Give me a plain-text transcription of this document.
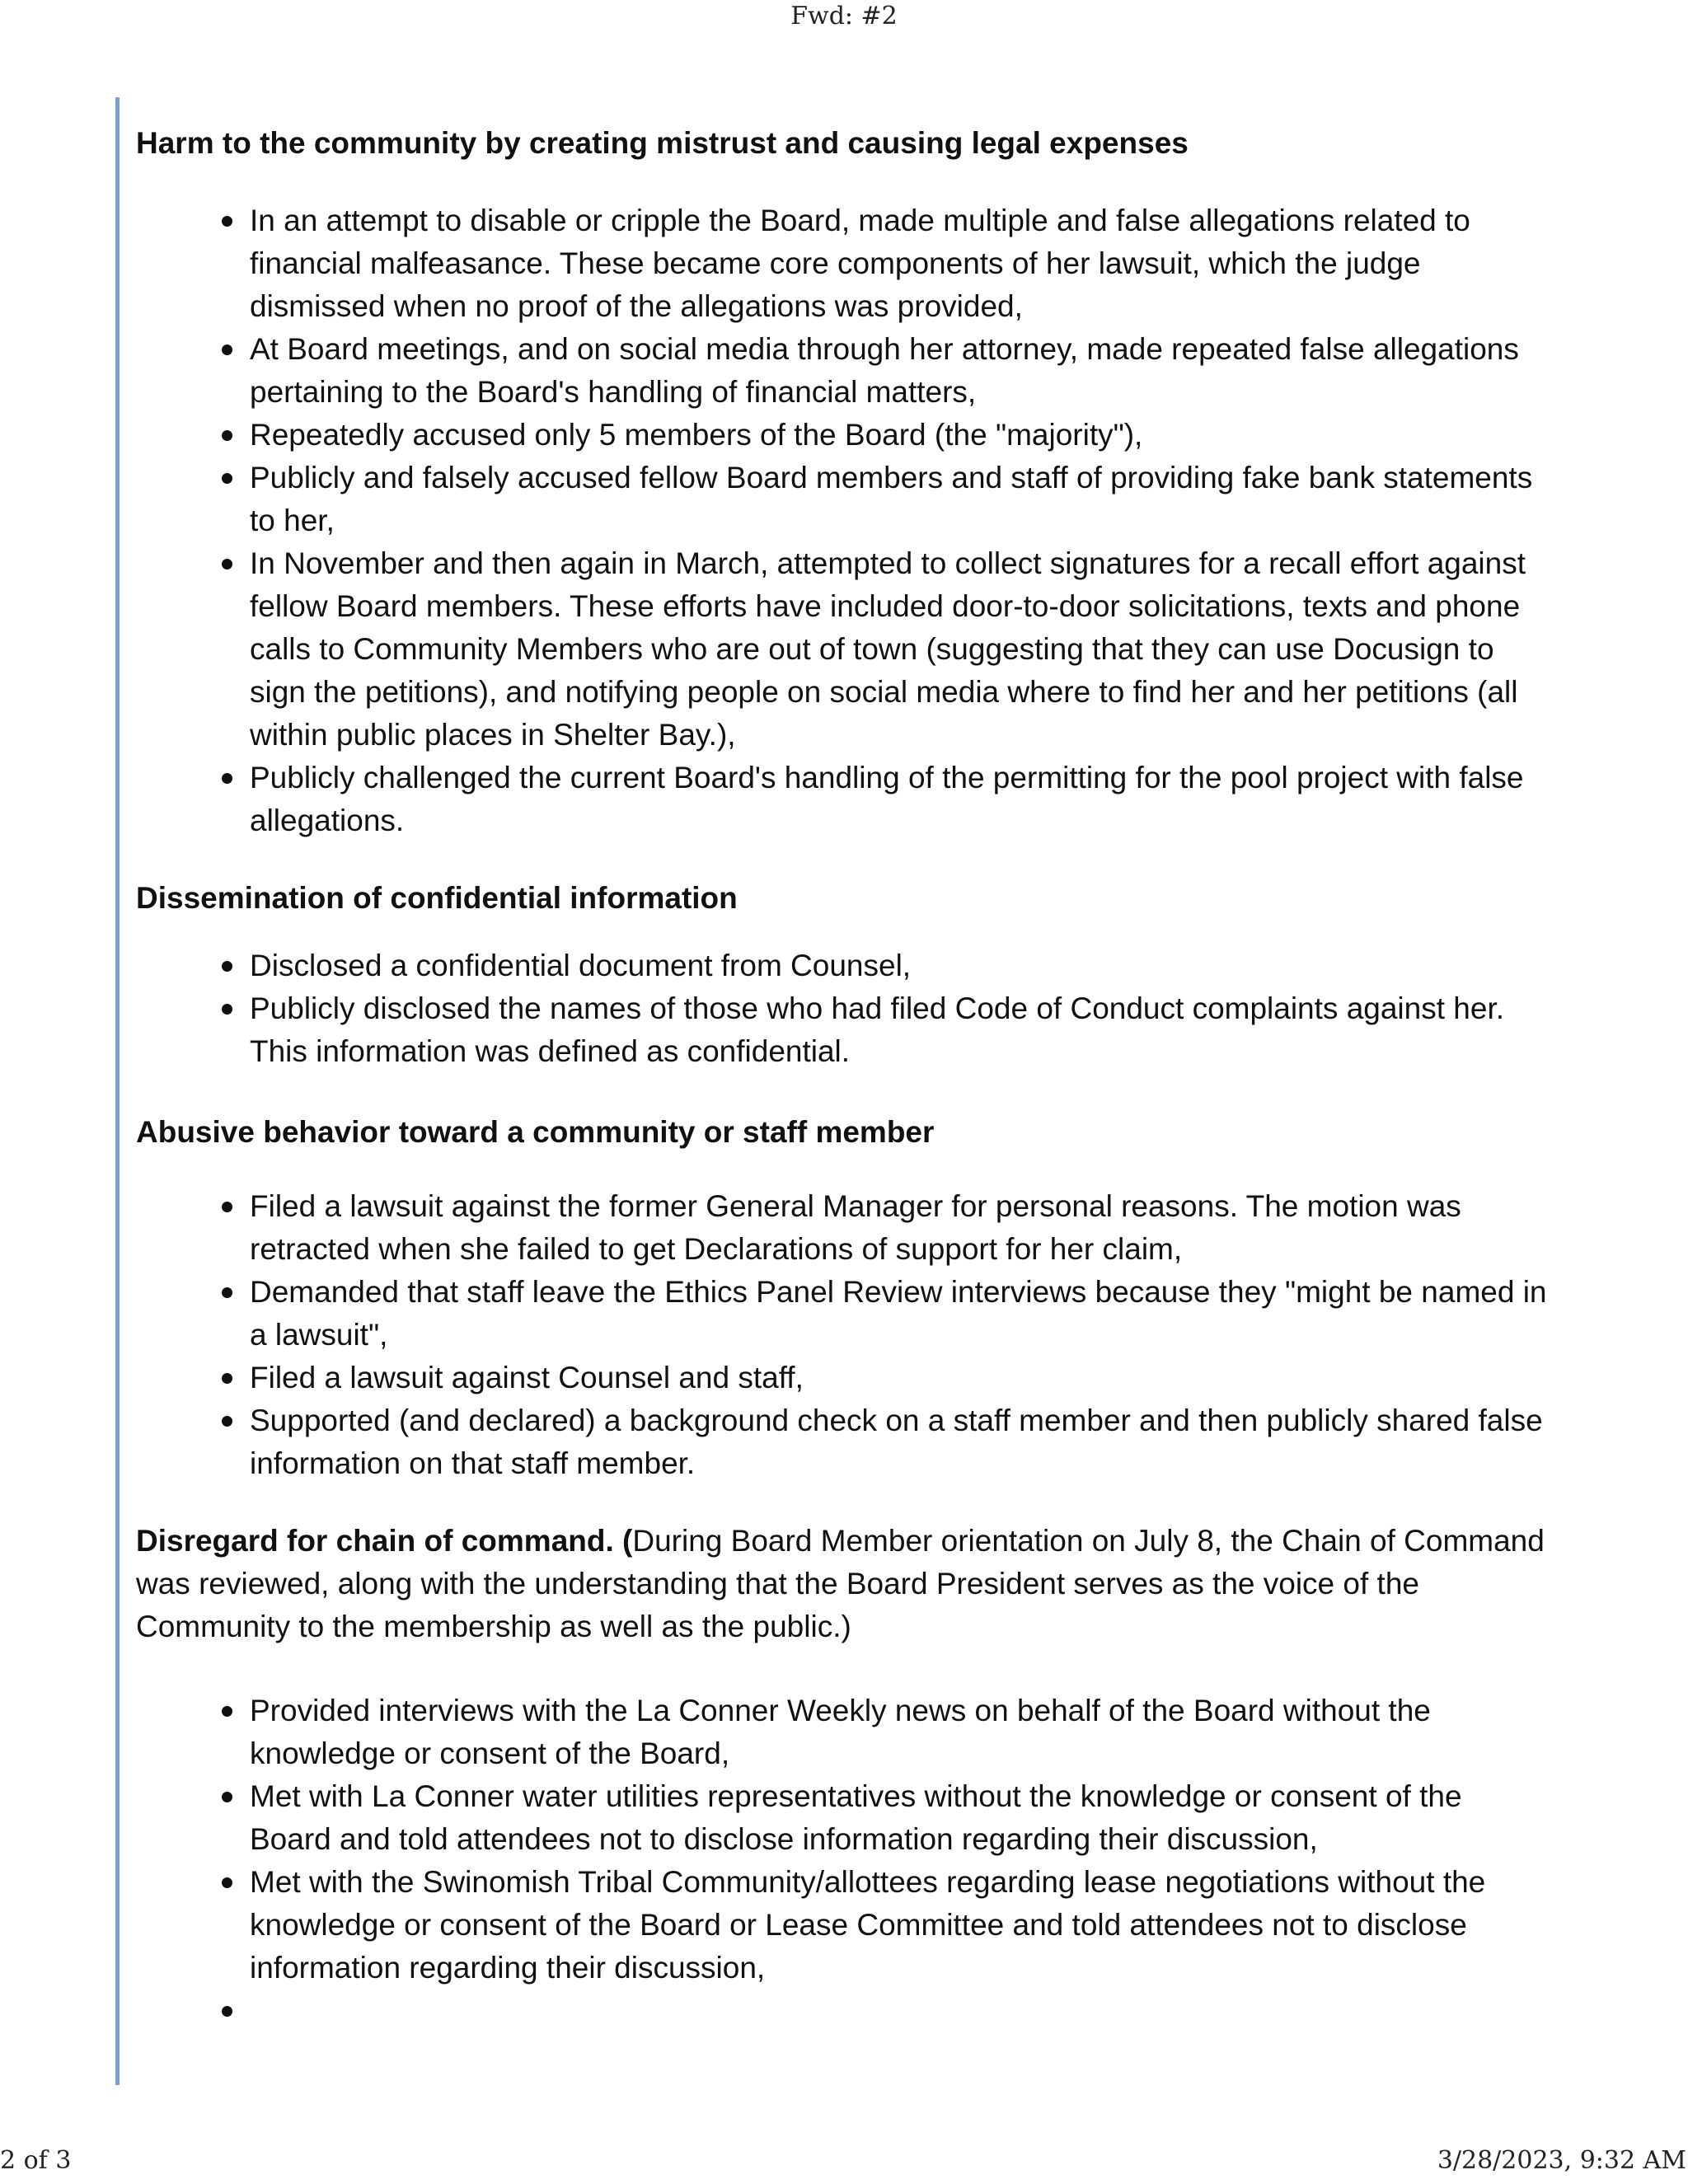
Fwd: #2

Harm to the community by creating mistrust and causing legal expenses

In an attempt to disable or cripple the Board, made multiple and false allegations related to financial malfeasance. These became core components of her lawsuit, which the judge dismissed when no proof of the allegations was provided,
At Board meetings, and on social media through her attorney, made repeated false allegations pertaining to the Board's handling of financial matters,
Repeatedly accused only 5 members of the Board (the "majority"),
Publicly and falsely accused fellow Board members and staff of providing fake bank statements to her,
In November and then again in March, attempted to collect signatures for a recall effort against fellow Board members. These efforts have included door-to-door solicitations, texts and phone calls to Community Members who are out of town (suggesting that they can use Docusign to sign the petitions), and notifying people on social media where to find her and her petitions (all within public places in Shelter Bay.),
Publicly challenged the current Board's handling of the permitting for the pool project with false allegations.

Dissemination of confidential information

Disclosed a confidential document from Counsel,
Publicly disclosed the names of those who had filed Code of Conduct complaints against her. This information was defined as confidential.

Abusive behavior toward a community or staff member

Filed a lawsuit against the former General Manager for personal reasons. The motion was retracted when she failed to get Declarations of support for her claim,
Demanded that staff leave the Ethics Panel Review interviews because they "might be named in a lawsuit",
Filed a lawsuit against Counsel and staff,
Supported (and declared) a background check on a staff member and then publicly shared false information on that staff member.

Disregard for chain of command. (During Board Member orientation on July 8, the Chain of Command was reviewed, along with the understanding that the Board President serves as the voice of the Community to the membership as well as the public.)

Provided interviews with the La Conner Weekly news on behalf of the Board without the knowledge or consent of the Board,
Met with La Conner water utilities representatives without the knowledge or consent of the Board and told attendees not to disclose information regarding their discussion,
Met with the Swinomish Tribal Community/allottees regarding lease negotiations without the knowledge or consent of the Board or Lease Committee and told attendees not to disclose information regarding their discussion,
2 of 3	3/28/2023, 9:32 AM
